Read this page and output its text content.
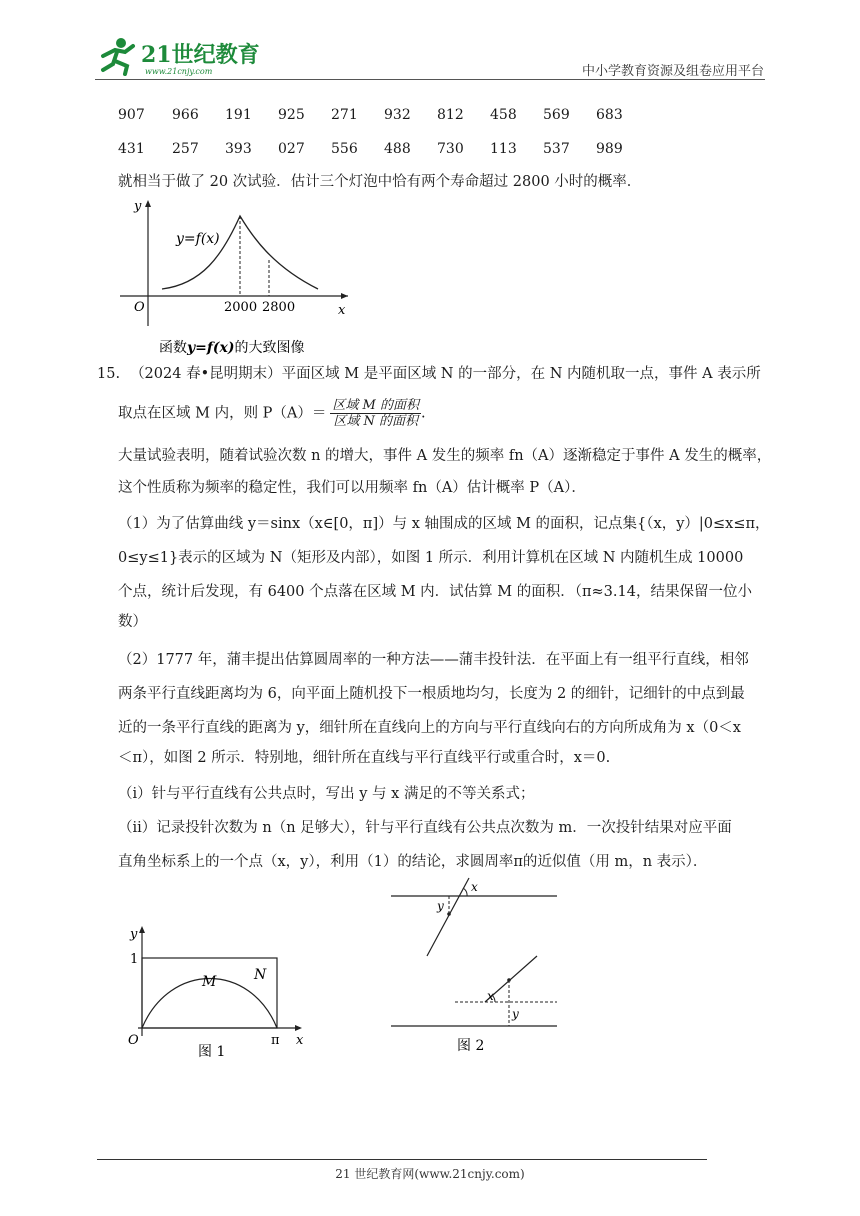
21世纪教育
www.21cnjy.com	中小学教育资源及组卷应用平台
907 966 191 925 271 932 812 458 569 683
431 257 393 027 556 488 730 113 537 989
就相当于做了 20 次试验．估计三个灯泡中恰有两个寿命超过 2800 小时的概率．
y
x
O
y=f(x)
2000 2800
函数y=f(x)的大致图像
15. （2024 春•昆明期末）平面区域 M 是平面区域 N 的一部分，在 N 内随机取一点，事件 A 表示所
取点在区域 M 内，则 $P(A)= \frac{\text{区域 M 的面积}}{\text{区域 N 的面积}}$ .
大量试验表明，随着试验次数 n 的增大，事件 A 发生的频率 fn（A）逐渐稳定于事件 A 发生的概率，
这个性质称为频率的稳定性，我们可以用频率 fn（A）估计概率 P（A）．
（1）为了估算曲线 y＝sinx（x∈[0，π]）与 x 轴围成的区域 M 的面积，记点集{（x，y）|0≤x≤π，
0≤y≤1}表示的区域为 N（矩形及内部），如图 1 所示．利用计算机在区域 N 内随机生成 10000
个点，统计后发现，有 6400 个点落在区域 M 内．试估算 M 的面积．（π≈3.14，结果保留一位小
数）
（2）1777 年，蒲丰提出估算圆周率的一种方法——蒲丰投针法．在平面上有一组平行直线，相邻
两条平行直线距离均为 6，向平面上随机投下一根质地均匀，长度为 2 的细针，记细针的中点到最
近的一条平行直线的距离为 y，细针所在直线向上的方向与平行直线向右的方向所成角为 x（0＜x
＜π），如图 2 所示．特别地，细针所在直线与平行直线平行或重合时，x＝0.
（i）针与平行直线有公共点时，写出 y 与 x 满足的不等关系式；
（ii）记录投针次数为 n（n 足够大），针与平行直线有公共点次数为 m．一次投针结果对应平面
直角坐标系上的一个点（x，y），利用（1）的结论，求圆周率π的近似值（用 m，n 表示）．
y
x
O
1
π
M	N
图 1
x
y
x
y
图 2
21 世纪教育网(www.21cnjy.com)
